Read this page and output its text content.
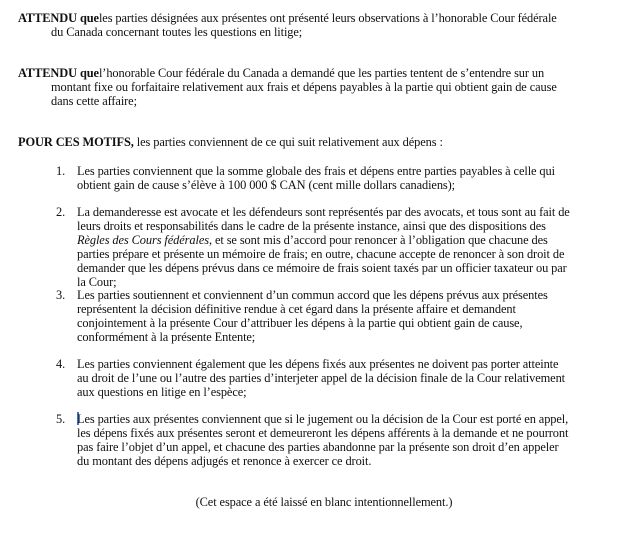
ATTENDU queles parties désignées aux présentes ont présenté leurs observations à l’honorable Cour fédérale du Canada concernant toutes les questions en litige;
ATTENDU quel’honorable Cour fédérale du Canada a demandé que les parties tentent de s’entendre sur un montant fixe ou forfaitaire relativement aux frais et dépens payables à la partie qui obtient gain de cause dans cette affaire;
POUR CES MOTIFS, les parties conviennent de ce qui suit relativement aux dépens :
1. Les parties conviennent que la somme globale des frais et dépens entre parties payables à celle qui obtient gain de cause s’élève à 100 000 $ CAN (cent mille dollars canadiens);
2. La demanderesse est avocate et les défendeurs sont représentés par des avocats, et tous sont au fait de leurs droits et responsabilités dans le cadre de la présente instance, ainsi que des dispositions des Règles des Cours fédérales, et se sont mis d’accord pour renoncer à l’obligation que chacune des parties prépare et présente un mémoire de frais; en outre, chacune accepte de renoncer à son droit de demander que les dépens prévus dans ce mémoire de frais soient taxés par un officier taxateur ou par la Cour;
3. Les parties soutiennent et conviennent d’un commun accord que les dépens prévus aux présentes représentent la décision définitive rendue à cet égard dans la présente affaire et demandent conjointement à la présente Cour d’attribuer les dépens à la partie qui obtient gain de cause, conformément à la présente Entente;
4. Les parties conviennent également que les dépens fixés aux présentes ne doivent pas porter atteinte au droit de l’une ou l’autre des parties d’interjeter appel de la décision finale de la Cour relativement aux questions en litige en l’espèce;
5. Les parties aux présentes conviennent que si le jugement ou la décision de la Cour est porté en appel, les dépens fixés aux présentes seront et demeureront les dépens afférents à la demande et ne pourront pas faire l’objet d’un appel, et chacune des parties abandonne par la présente son droit d’en appeler du montant des dépens adjugés et renonce à exercer ce droit.
(Cet espace a été laissé en blanc intentionnellement.)
